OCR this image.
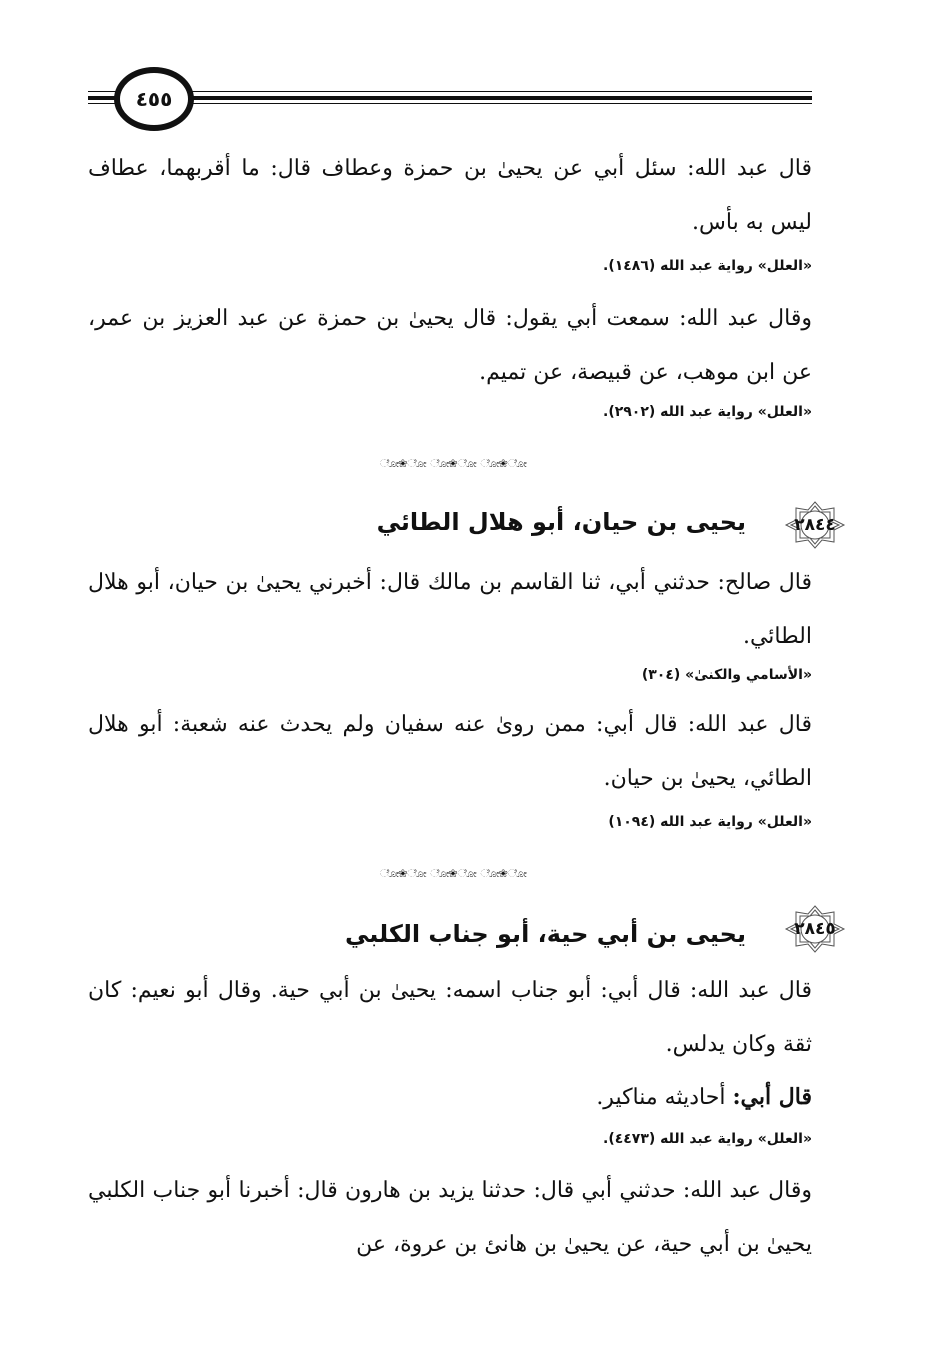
٤٥٥

قال عبد الله: سئل أبي عن يحيىٰ بن حمزة وعطاف قال: ما أقربهما، عطاف ليس به بأس.

«العلل» رواية عبد الله (١٤٨٦).

وقال عبد الله: سمعت أبي يقول: قال يحيىٰ بن حمزة عن عبد العزيز بن عمر، عن ابن موهب، عن قبيصة، عن تميم.

«العلل» رواية عبد الله (٢٩٠٢).
ೋ❀ೋ ೋ❀ೋ ೋ❀ೋ
٢٨٤٤
يحيى بن حيان، أبو هلال الطائي

قال صالح: حدثني أبي، ثنا القاسم بن مالك قال: أخبرني يحيىٰ بن حيان، أبو هلال الطائي.

«الأسامي والكنىٰ» (٣٠٤)

قال عبد الله: قال أبي: ممن روىٰ عنه سفيان ولم يحدث عنه شعبة: أبو هلال الطائي، يحيىٰ بن حيان.

«العلل» رواية عبد الله (١٠٩٤)
ೋ❀ೋ ೋ❀ೋ ೋ❀ೋ
٢٨٤٥
يحيى بن أبي حية، أبو جناب الكلبي

قال عبد الله: قال أبي: أبو جناب اسمه: يحيىٰ بن أبي حية. وقال أبو نعيم: كان ثقة وكان يدلس.

قال أبي: أحاديثه مناكير.

«العلل» رواية عبد الله (٤٤٧٣).

وقال عبد الله: حدثني أبي قال: حدثنا يزيد بن هارون قال: أخبرنا أبو جناب الكلبي يحيىٰ بن أبي حية، عن يحيىٰ بن هانئ بن عروة، عن
